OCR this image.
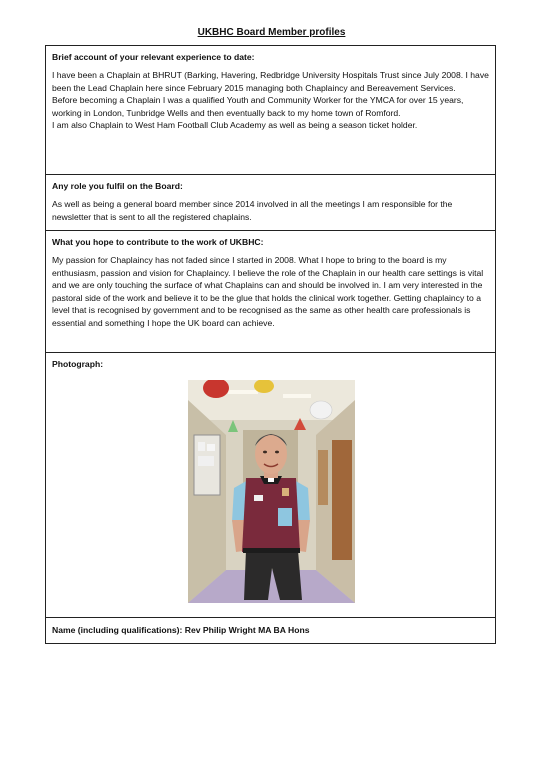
UKBHC Board Member profiles
Brief account of your relevant experience to date:
I have been a Chaplain at BHRUT (Barking, Havering, Redbridge University Hospitals Trust since July 2008. I have been the Lead Chaplain here since February 2015 managing both Chaplaincy and Bereavement Services.
Before becoming a Chaplain I was a qualified Youth and Community Worker for the YMCA for over 15 years, working in London, Tunbridge Wells and then eventually back to my home town of Romford.
I am also Chaplain to West Ham Football Club Academy as well as being a season ticket holder.
Any role you fulfil on the Board:
As well as being a general board member since 2014 involved in all the meetings I am responsible for the newsletter that is sent to all the registered chaplains.
What you hope to contribute to the work of UKBHC:
My passion for Chaplaincy has not faded since I started in 2008. What I hope to bring to the board is my enthusiasm, passion and vision for Chaplaincy. I believe the role of the Chaplain in our health care settings is vital and we are only touching the surface of what Chaplains can and should be involved in. I am very interested in the pastoral side of the work and believe it to be the glue that holds the clinical work together. Getting chaplaincy to a level that is recognised by government and to be recognised as the same as other health care professionals is essential and something I hope the UK board can achieve.
Photograph:
Name (including qualifications): Rev Philip Wright MA BA Hons
